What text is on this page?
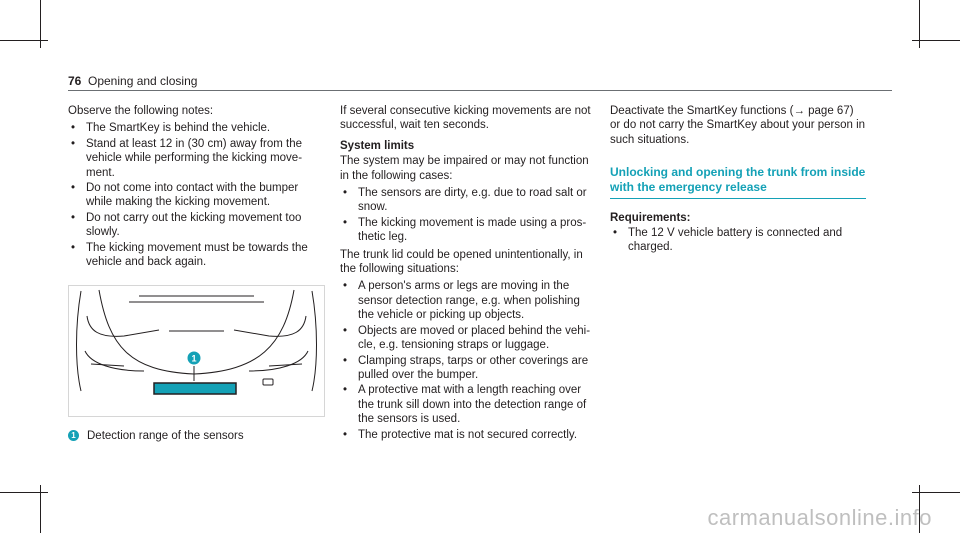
76 Opening and closing

Observe the following notes:

• The SmartKey is behind the vehicle.
• Stand at least 12 in (30 cm) away from the vehicle while performing the kicking move-ment.
• Do not come into contact with the bumper while making the kicking movement.
• Do not carry out the kicking movement too slowly.
• The kicking movement must be towards the vehicle and back again.
1
1 Detection range of the sensors

If several consecutive kicking movements are not successful, wait ten seconds.

System limits

The system may be impaired or may not function in the following cases:

• The sensors are dirty, e.g. due to road salt or snow.
• The kicking movement is made using a pros-thetic leg.

The trunk lid could be opened unintentionally, in the following situations:

• A person's arms or legs are moving in the sensor detection range, e.g. when polishing the vehicle or picking up objects.
• Objects are moved or placed behind the vehi-cle, e.g. tensioning straps or luggage.
• Clamping straps, tarps or other coverings are pulled over the bumper.
• A protective mat with a length reaching over the trunk sill down into the detection range of the sensors is used.
• The protective mat is not secured correctly.

Deactivate the SmartKey functions (→ page 67) or do not carry the SmartKey about your person in such situations.

Unlocking and opening the trunk from inside with the emergency release
Requirements:
• The 12 V vehicle battery is connected and charged.
carmanualsonline.info
